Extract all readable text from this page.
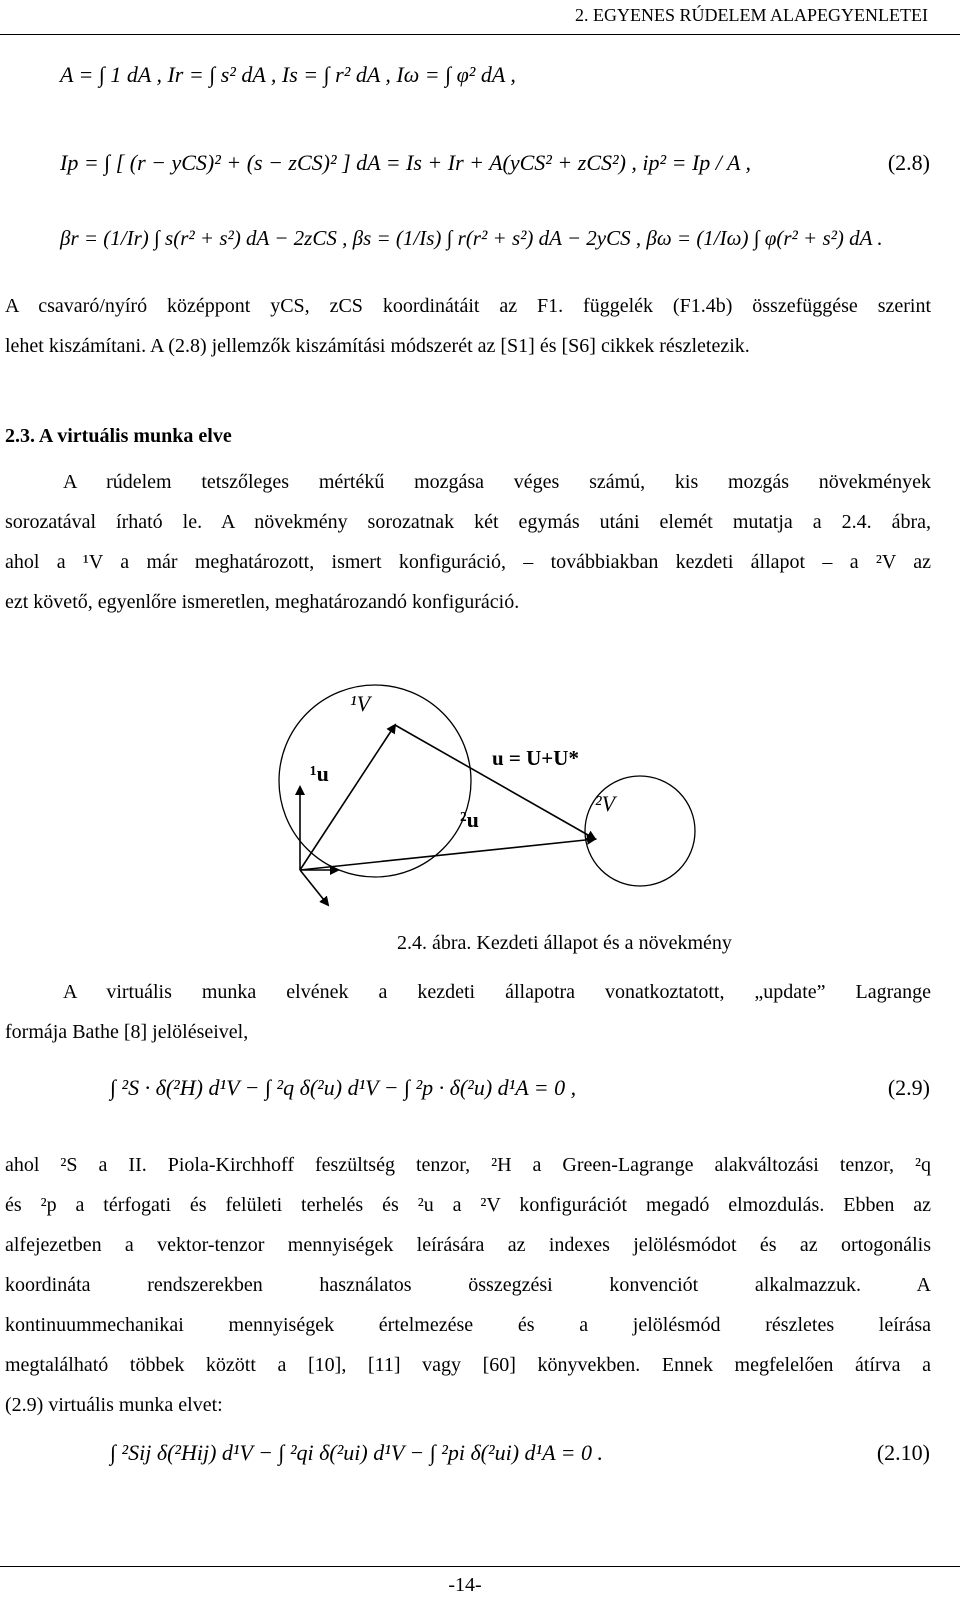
2. EGYENES RÚDELEM ALAPEGYENLETEI
A = ∫ 1 dA , Ir = ∫ s² dA , Is = ∫ r² dA , Iω = ∫ φ² dA ,
Ip = ∫ [ (r − yCS)² + (s − zCS)² ] dA = Is + Ir + A(yCS² + zCS²) , ip² = Ip / A ,	(2.8)
βr = (1/Ir) ∫ s(r² + s²) dA − 2zCS , βs = (1/Is) ∫ r(r² + s²) dA − 2yCS , βω = (1/Iω) ∫ φ(r² + s²) dA .
A csavaró/nyíró középpont yCS, zCS koordinátáit az F1. függelék (F1.4b) összefüggése szerint
lehet kiszámítani. A (2.8) jellemzők kiszámítási módszerét az [S1] és [S6] cikkek részletezik.
2.3. A virtuális munka elve
A rúdelem tetszőleges mértékű mozgása véges számú, kis mozgás növekmények
sorozatával írható le. A növekmény sorozatnak két egymás utáni elemét mutatja a 2.4. ábra,
ahol a ¹V a már meghatározott, ismert konfiguráció, – továbbiakban kezdeti állapot – a ²V az
ezt követő, egyenlőre ismeretlen, meghatározandó konfiguráció.
¹V
¹u
²u
u = U+U*
²V
2.4. ábra. Kezdeti állapot és a növekmény
A virtuális munka elvének a kezdeti állapotra vonatkoztatott, „update” Lagrange
formája Bathe [8] jelöléseivel,
∫ ²S · δ(²H) d¹V − ∫ ²q δ(²u) d¹V − ∫ ²p · δ(²u) d¹A = 0 ,	(2.9)
ahol ²S a II. Piola-Kirchhoff feszültség tenzor, ²H a Green-Lagrange alakváltozási tenzor, ²q
és ²p a térfogati és felületi terhelés és ²u a ²V konfigurációt megadó elmozdulás. Ebben az
alfejezetben a vektor-tenzor mennyiségek leírására az indexes jelölésmódot és az ortogonális
koordináta rendszerekben használatos összegzési konvenciót alkalmazzuk. A
kontinuummechanikai mennyiségek értelmezése és a jelölésmód részletes leírása
megtalálható többek között a [10], [11] vagy [60] könyvekben. Ennek megfelelően átírva a
(2.9) virtuális munka elvet:
∫ ²Sij δ(²Hij) d¹V − ∫ ²qi δ(²ui) d¹V − ∫ ²pi δ(²ui) d¹A = 0 .	(2.10)
-14-
